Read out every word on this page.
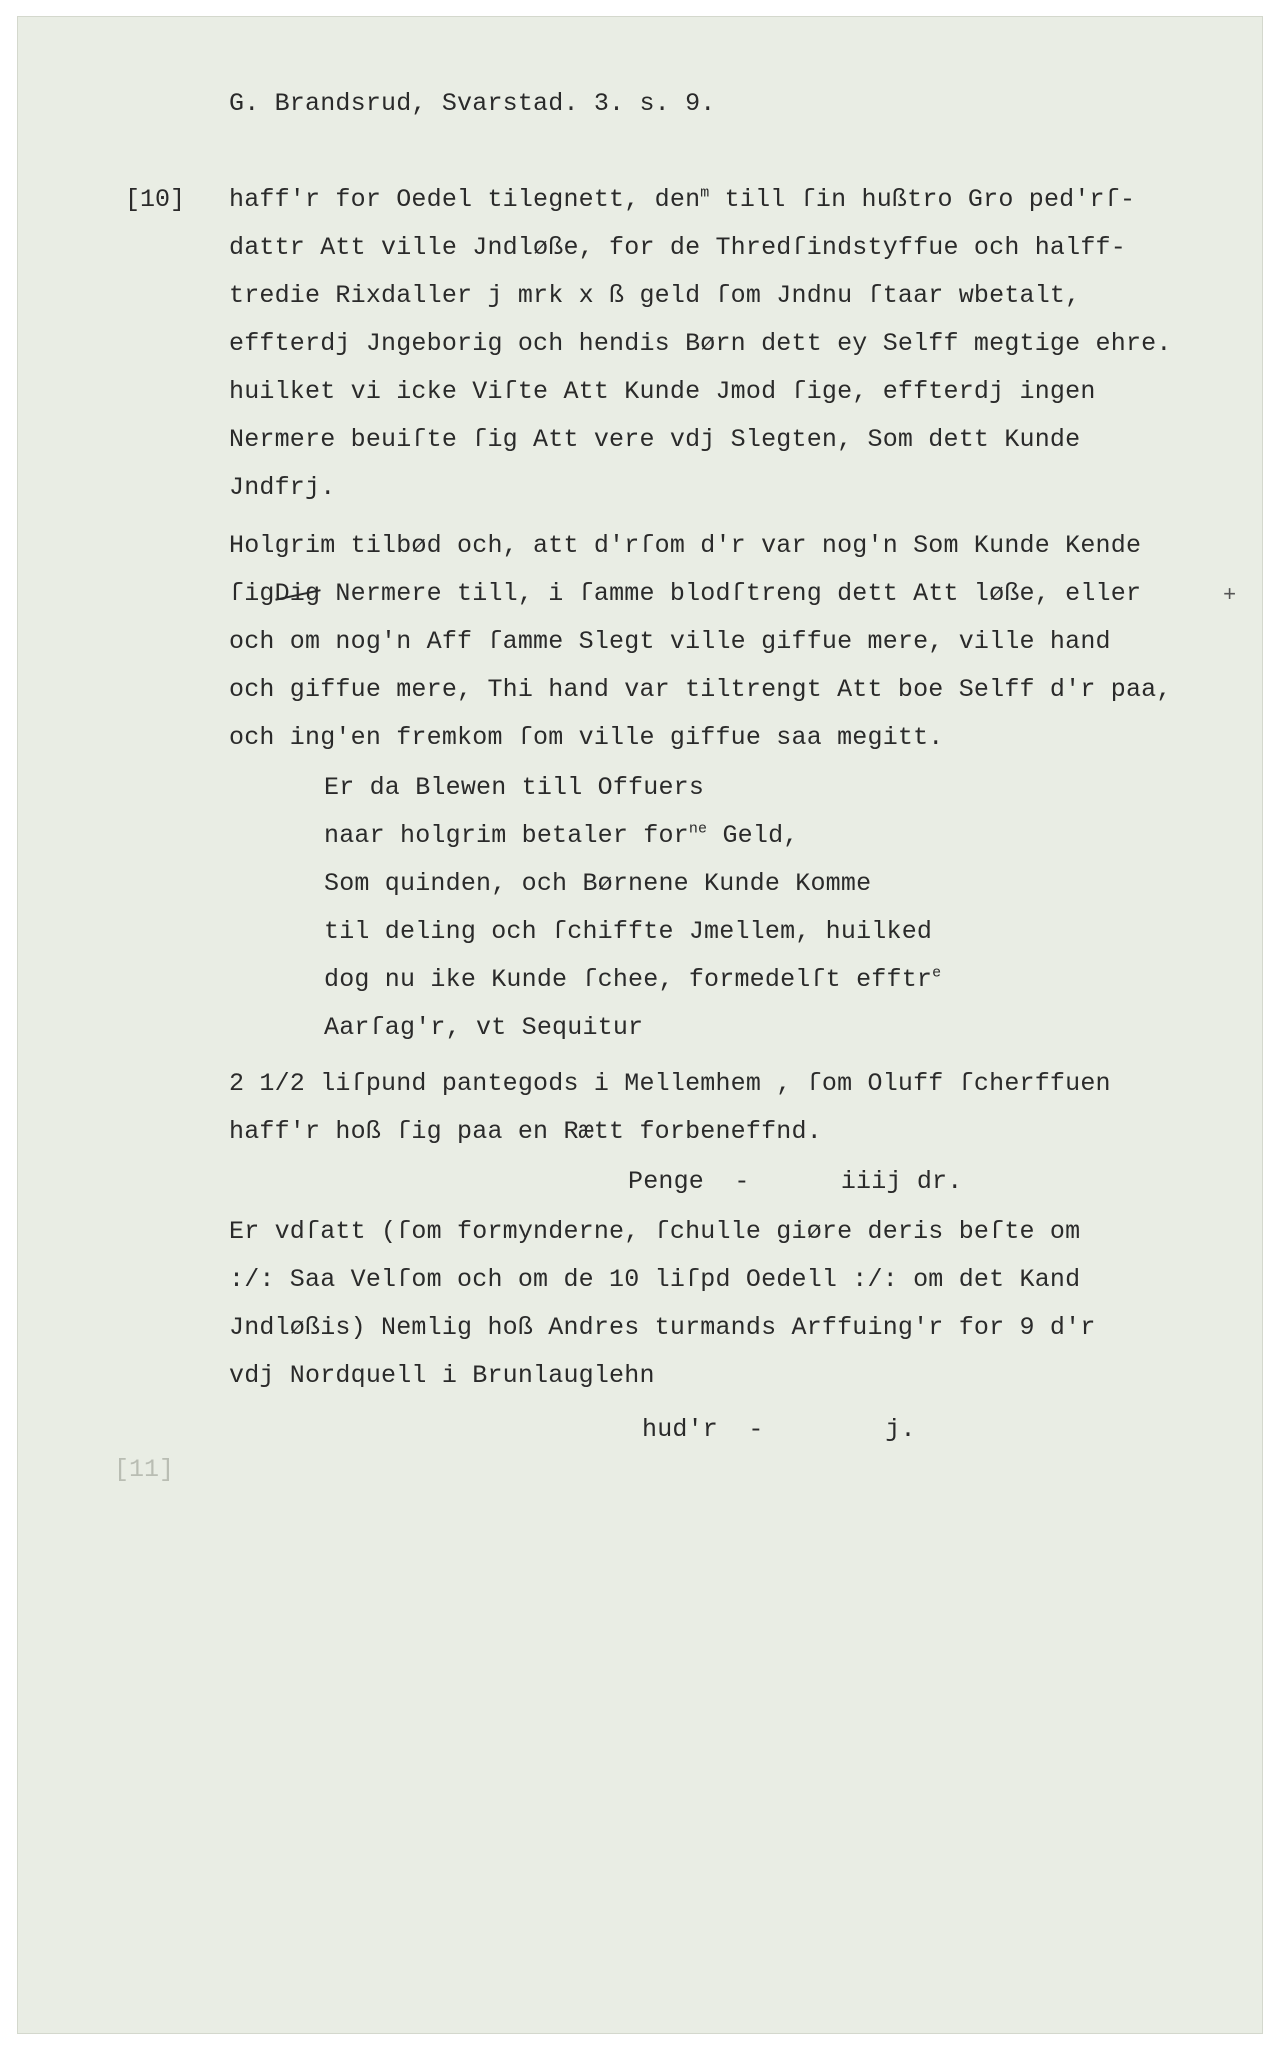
G. Brandsrud, Svarstad. 3. s. 9.
[10] haff'r for Oedel tilegnett, den$^m$ till ſin hußtro Gro ped'rſ-
dattr Att ville Jndløße, for de Thredſindstyffue och halff-
tredie Rixdaller j mrk x ß geld ſom Jndnu ſtaar wbetalt,
effterdj Jngeborig och hendis Børn dett ey Selff megtige ehre.
huilket vi icke Viſte Att Kunde Jmod ſige, effterdj ingen
Nermere beuiſte ſig Att vere vdj Slegten, Som dett Kunde
Jndfrj.
Holgrim tilbød och, att d'rſom d'r var nog'n Som Kunde Kende
ſigDig Nermere till, i ſamme blodſtreng dett Att løße, eller	+
och om nog'n Aff ſamme Slegt ville giffue mere, ville hand
och giffue mere, Thi hand var tiltrengt Att boe Selff d'r paa,
och ing'en fremkom ſom ville giffue saa megitt.
Er da Blewen till Offuers
naar holgrim betaler for$^{ne}$ Geld,
Som quinden, och Børnene Kunde Komme
til deling och ſchiffte Jmellem, huilked
dog nu ike Kunde ſchee, formedelſt efftr$^e$
Aarſag'r, vt Sequitur
2 1/2 liſpund pantegods i Mellemhem , ſom Oluff ſcherffuen
haff'r hoß ſig paa en Rætt forbeneffnd.
Penge  -      iiij dr.
Er vdſatt (ſom formynderne, ſchulle giøre deris beſte om
:/: Saa Velſom och om de 10 liſpd Oedell :/: om det Kand
Jndløßis) Nemlig hoß Andres turmands Arffuing'r for 9 d'r
vdj Nordquell i Brunlauglehn
hud'r  -        j.
[11]
